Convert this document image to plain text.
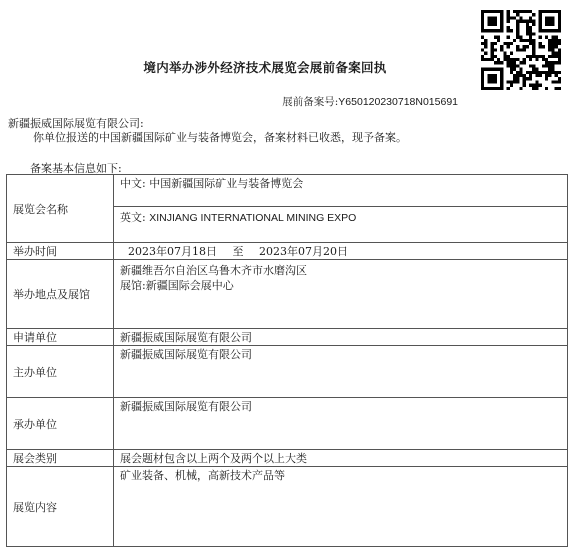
境内举办涉外经济技术展览会展前备案回执
展前备案号:Y650120230718N015691
新疆振威国际展览有限公司:
你单位报送的中国新疆国际矿业与装备博览会，备案材料已收悉，现予备案。
备案基本信息如下:
展览会名称	中文: 中国新疆国际矿业与装备博览会
	英文: XINJIANG INTERNATIONAL MINING EXPO
举办时间	2023年07月18日 至 2023年07月20日
举办地点及展馆	新疆维吾尔自治区乌鲁木齐市水磨沟区
展馆:新疆国际会展中心

申请单位	新疆振威国际展览有限公司
主办单位	新疆振威国际展览有限公司
承办单位	新疆振威国际展览有限公司
展会类别	展会题材包含以上两个及两个以上大类
展览内容	矿业装备、机械，高新技术产品等
